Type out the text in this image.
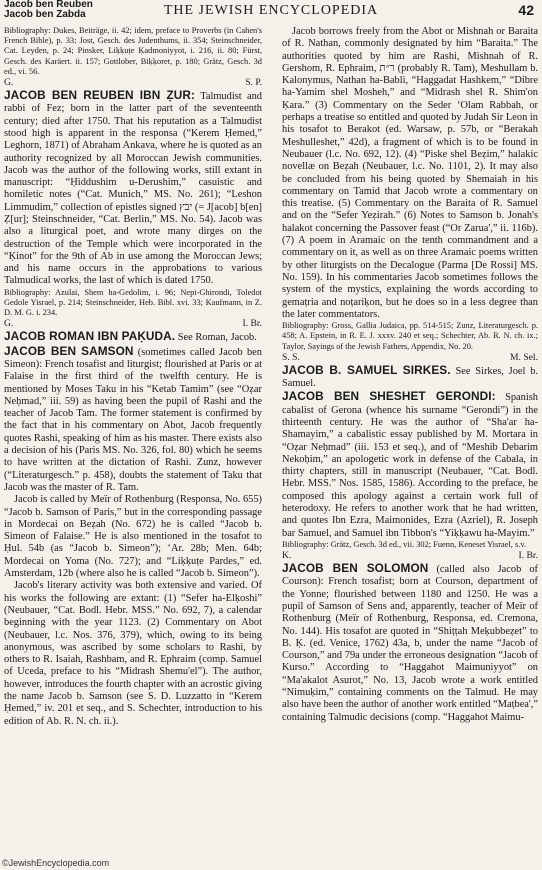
Jacob ben Reuben
Jacob ben Zabda	THE JEWISH ENCYCLOPEDIA	42

Bibliography: Dukes, Beiträge, ii. 42; idem, preface to Proverbs (in Cahen's French Bible), p. 33; Jost, Gesch. des Judenthums, ii. 354; Steinschneider, Cat. Leyden, p. 24; Pinsker, Liḳḳuṭe Ḳadmoniyyot, i. 216, ii. 80; Fürst, Gesch. des Karäert. ii. 157; Gottlober, Biḳḳoret, p. 180; Grätz, Gesch. 3d ed., vi. 56.

G.	S. P.

JACOB BEN REUBEN IBN ẒUR: Talmudist and rabbi of Fez; born in the latter part of the seventeenth century; died after 1750. That his reputation as a Talmudist stood high is apparent in the responsa (“Kerem Ḥemed,” Leghorn, 1871) of Abraham Ankava, where he is quoted as an authority recognized by all Moroccan Jewish communities. Jacob was the author of the following works, still extant in manuscript: “Ḥiddushim u-Derushim,” casuistic and homiletic notes (“Cat. Munich,” MS. No. 261); “Leshon Limmudim,” collection of epistles signed יבץ (= J[acob] b[en] Ẓ[ur]; Steinschneider, “Cat. Berlin,” MS. No. 54). Jacob was also a liturgical poet, and wrote many dirges on the destruction of the Temple which were incorporated in the “Ḳinot” for the 9th of Ab in use among the Moroccan Jews; and his name occurs in the approbations to various Talmudical works, the last of which is dated 1750.

Bibliography: Azulai, Shem ha-Gedolim, i. 96; Nepi-Ghirondi, Toledot Gedole Yisrael, p. 214; Steinschneider, Heb. Bibl. xvi. 33; Kaufmann, in Z. D. M. G. i. 234.

G.	I. Br.

JACOB ROMAN IBN PAḲUDA. See Roman, Jacob.

JACOB BEN SAMSON (sometimes called Jacob ben Simeon): French tosafist and liturgist; flourished at Paris or at Falaise in the first third of the twelfth century. He is mentioned by Moses Taku in his “Ketab Tamim” (see “Oẓar Neḥmad,” iii. 59) as having been the pupil of Rashi and the teacher of Jacob Tam. The former statement is confirmed by the fact that in his commentary on Abot, Jacob frequently quotes Rashi, speaking of him as his master. There exists also a decision of his (Paris MS. No. 326, fol. 80) which he seems to have written at the dictation of Rashi. Zunz, however (“Literaturgesch.” p. 458), doubts the statement of Taku that Jacob was the master of R. Tam.

Jacob is called by Meïr of Rothenburg (Responsa, No. 655) “Jacob b. Samson of Paris,” but in the corresponding passage in Mordecai on Beẓah (No. 672) he is called “Jacob b. Simeon of Falaise.” He is also mentioned in the tosafot to Ḥul. 54b (as “Jacob b. Simeon”); ‘Ar. 28b; Men. 64b; Mordecai on Yoma (No. 727); and “Liḳḳuṭe Pardes,” ed. Amsterdam, 12b (where also he is called “Jacob b. Simeon”).

Jacob's literary activity was both extensive and varied. Of his works the following are extant: (1) “Sefer ha-Elḳoshi” (Neubauer, “Cat. Bodl. Hebr. MSS.” No. 692, 7), a calendar beginning with the year 1123. (2) Commentary on Abot (Neubauer, l.c. Nos. 376, 379), which, owing to its being anonymous, was ascribed by some scholars to Rashi, by others to R. Isaiah, Rashbam, and R. Ephraim (comp. Samuel of Uceda, preface to his “Midrash Shemu'el”). The author, however, introduces the fourth chapter with an acrostic giving the name Jacob b. Samson (see S. D. Luzzatto in “Kerem Ḥemed,” iv. 201 et seq., and S. Schechter, introduction to his edition of Ab. R. N. ch. ii.).

Jacob borrows freely from the Abot or Mishnah or Baraita of R. Nathan, commonly designated by him “Baraita.” The authorities quoted by him are Rashi, Mishnah of R. Gershom, R. Ephraim, ר״ת (probably R. Tam), Meshullam b. Kalonymus, Nathan ha-Babli, “Haggadat Hashkem,” “Dibre ha-Yamim shel Mosheh,” and “Midrash shel R. Shim'on Ḳara.” (3) Commentary on the Seder ‘Olam Rabbah, or perhaps a treatise so entitled and quoted by Judah Sir Leon in his tosafot to Berakot (ed. Warsaw, p. 57b, or “Berakah Meshulleshet,” 42d), a fragment of which is to be found in Neubauer (l.c. No. 692, 12). (4) “Piske shel Beẓim,” halakic novellæ on Beẓah (Neubauer, l.c. No. 1101, 2). It may also be concluded from his being quoted by Shemaiah in his commentary on Tamid that Jacob wrote a commentary on this treatise. (5) Commentary on the Baraita of R. Samuel and on the “Sefer Yeẓirah.” (6) Notes to Samson b. Jonah's halakot concerning the Passover feast (“Or Zarua',” ii. 116b). (7) A poem in Aramaic on the tenth commandment and a commentary on it, as well as on three Aramaic poems written by other liturgists on the Decalogue (Parma [De Rossi] MS. No. 159). In his commentaries Jacob sometimes follows the system of the mystics, explaining the words according to gemaṭria and noṭariḳon, but he does so in a less degree than the later commentators.

Bibliography: Gross, Gallia Judaica, pp. 514-515; Zunz, Literaturgesch. p. 458; A. Epstein, in R. E. J. xxxv. 240 et seq.; Schechter, Ab. R. N. ch. ix.; Taylor, Sayings of the Jewish Fathers, Appendix, No. 20.

S. S.	M. Sel.

JACOB B. SAMUEL SIRKES. See Sirkes, Joel b. Samuel.

JACOB BEN SHESHET GERONDI: Spanish cabalist of Gerona (whence his surname “Gerondi”) in the thirteenth century. He was the author of “Sha'ar ha-Shamayim,” a cabalistic essay published by M. Mortara in “Oẓar Neḥmad” (iii. 153 et seq.), and of “Meshib Debarim Nekoḥim,” an apologetic work in defense of the Cabala, in thirty chapters, still in manuscript (Neubauer, “Cat. Bodl. Hebr. MSS.” Nos. 1585, 1586). According to the preface, he composed this apology against a certain work full of heterodoxy. He refers to another work that he had written, and quotes Ibn Ezra, Maimonides, Ezra (Azriel), R. Joseph bar Samuel, and Samuel ibn Tibbon's “Yiḳḳawu ha-Mayim.”

Bibliography: Grätz, Gesch. 3d ed., vii. 302; Fuenn, Keneset Yisrael, s.v.

K.	I. Br.

JACOB BEN SOLOMON (called also Jacob of Courson): French tosafist; born at Courson, department of the Yonne; flourished between 1180 and 1250. He was a pupil of Samson of Sens and, apparently, teacher of Meïr of Rothenburg (Meïr of Rothenburg, Responsa, ed. Cremona, No. 144). His tosafot are quoted in “Shiṭṭah Meḳubbeẓet” to B. Ḳ. (ed. Venice, 1762) 43a, b, under the name “Jacob of Courson,” and 79a under the erroneous designation “Jacob of Kurso.” According to “Haggahot Maimuniyyot” on “Ma'akalot Asurot,” No. 13, Jacob wrote a work entitled “Nimuḳim,” containing comments on the Talmud. He may also have been the author of another work entitled “Maṭbea',” containing Talmudic decisions (comp. “Haggahot Maimu-

©JewishEncyclopedia.com
